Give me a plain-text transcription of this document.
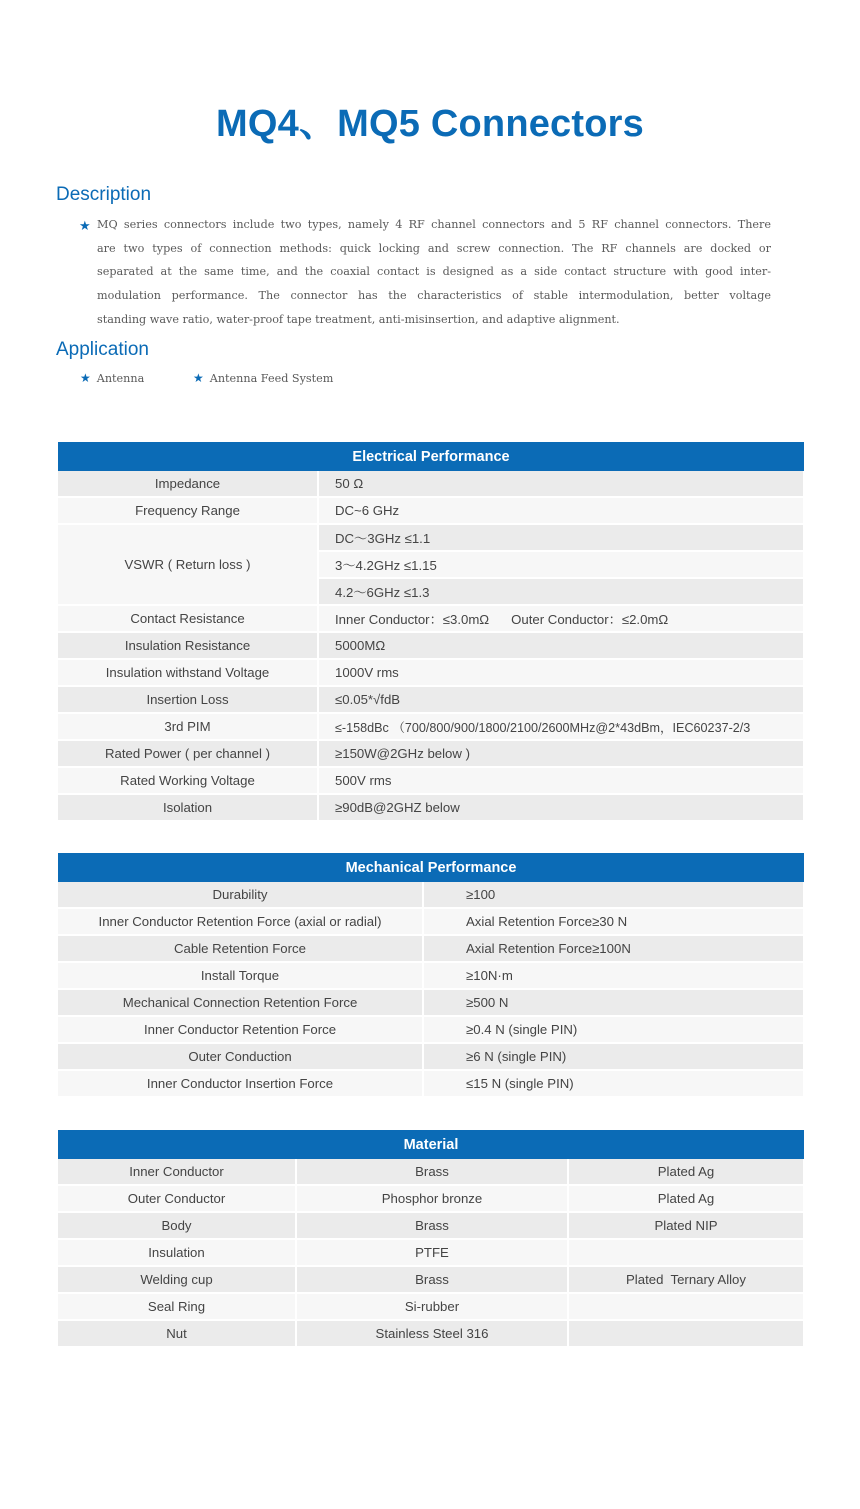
MQ4、MQ5 Connectors
Description
★ MQ series connectors include two types, namely 4 RF channel connectors and 5 RF channel connectors. There
are two types of connection methods: quick locking and screw connection. The RF channels are docked or
separated at the same time, and the coaxial contact is designed as a side contact structure with good inter-
modulation performance. The connector has the characteristics of stable intermodulation, better voltage
standing wave ratio, water-proof tape treatment, anti-misinsertion, and adaptive alignment.
Application
★ Antenna	★ Antenna Feed System
Electrical Performance	
Impedance	50 Ω
Frequency Range	DC~6 GHz
VSWR ( Return loss )	DC～3GHz ≤1.1
	3～4.2GHz ≤1.15
	4.2～6GHz ≤1.3
Contact Resistance	Inner Conductor：≤3.0mΩ      Outer Conductor：≤2.0mΩ
Insulation Resistance	5000MΩ
Insulation withstand Voltage	1000V rms
Insertion Loss	≤0.05*√fdB
3rd PIM	≤-158dBc （700/800/900/1800/2100/2600MHz@2*43dBm，IEC60237-2/3
Rated Power ( per channel )	≥150W@2GHz below )
Rated Working Voltage	500V rms
Isolation	≥90dB@2GHZ below
Mechanical Performance	
Durability	≥100
Inner Conductor Retention Force (axial or radial)	Axial Retention Force≥30 N
Cable Retention Force	Axial Retention Force≥100N
Install Torque	≥10N·m
Mechanical Connection Retention Force	≥500 N
Inner Conductor Retention Force	≥0.4 N (single PIN)
Outer Conduction	≥6 N (single PIN)
Inner Conductor Insertion Force	≤15 N (single PIN)
Material		
Inner Conductor	Brass	Plated Ag
Outer Conductor	Phosphor bronze	Plated Ag
Body	Brass	Plated NIP
Insulation	PTFE	
Welding cup	Brass	Plated  Ternary Alloy
Seal Ring	Si-rubber	
Nut	Stainless Steel 316	
